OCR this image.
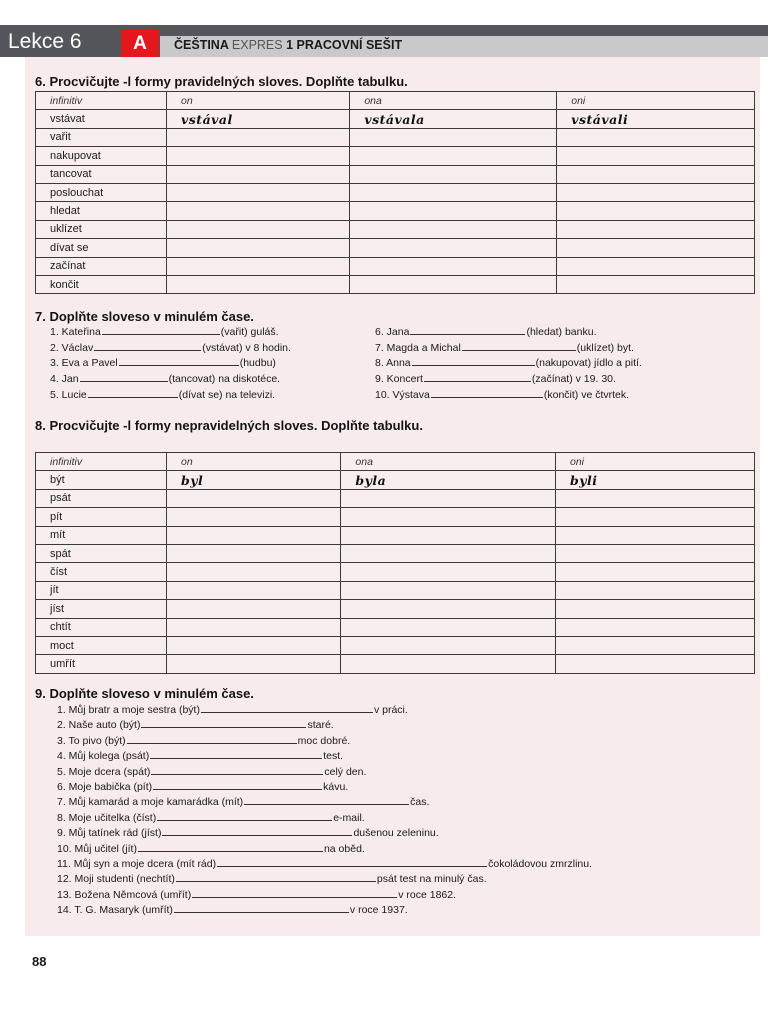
Lekce 6	A	ČEŠTINA EXPRES 1 PRACOVNÍ SEŠIT
6. Procvičujte -l formy pravidelných sloves. Doplňte tabulku.
infinitiv	on	ona	oni
vstávat	vstával	vstávala	vstávali
vařit			
nakupovat			
tancovat			
poslouchat			
hledat			
uklízet			
dívat se			
začínat			
končit			
7. Doplňte sloveso v minulém čase.
1. Kateřina	(vařit) guláš.
2. Václav	(vstávat) v 8 hodin.
3. Eva a Pavel	(hudbu)
4. Jan	(tancovat) na diskotéce.
5. Lucie	(dívat se) na televizi.
6. Jana	(hledat) banku.
7. Magda a Michal	(uklízet) byt.
8. Anna	(nakupovat) jídlo a pití.
9. Koncert	(začínat) v 19. 30.
10. Výstava	(končit) ve čtvrtek.
8. Procvičujte -l formy nepravidelných sloves. Doplňte tabulku.
infinitiv	on	ona	oni
být	byl	byla	byli
psát			
pít			
mít			
spát			
číst			
jít			
jíst			
chtít			
moct			
umřít			
9. Doplňte sloveso v minulém čase.
1. Můj bratr a moje sestra (být)	v práci.
2. Naše auto (být)	staré.
3. To pivo (být)	moc dobré.
4. Můj kolega (psát)	test.
5. Moje dcera (spát)	celý den.
6. Moje babička (pít)	kávu.
7. Můj kamarád a moje kamarádka (mít)	čas.
8. Moje učitelka (číst)	e-mail.
9. Můj tatínek rád (jíst)	dušenou zeleninu.
10. Můj učitel (jít)	na oběd.
11. Můj syn a moje dcera (mít rád)	čokoládovou zmrzlinu.
12. Moji studenti (nechtít)	psát test na minulý čas.
13. Božena Němcová (umřít)	v roce 1862.
14. T. G. Masaryk (umřít)	v roce 1937.
88
